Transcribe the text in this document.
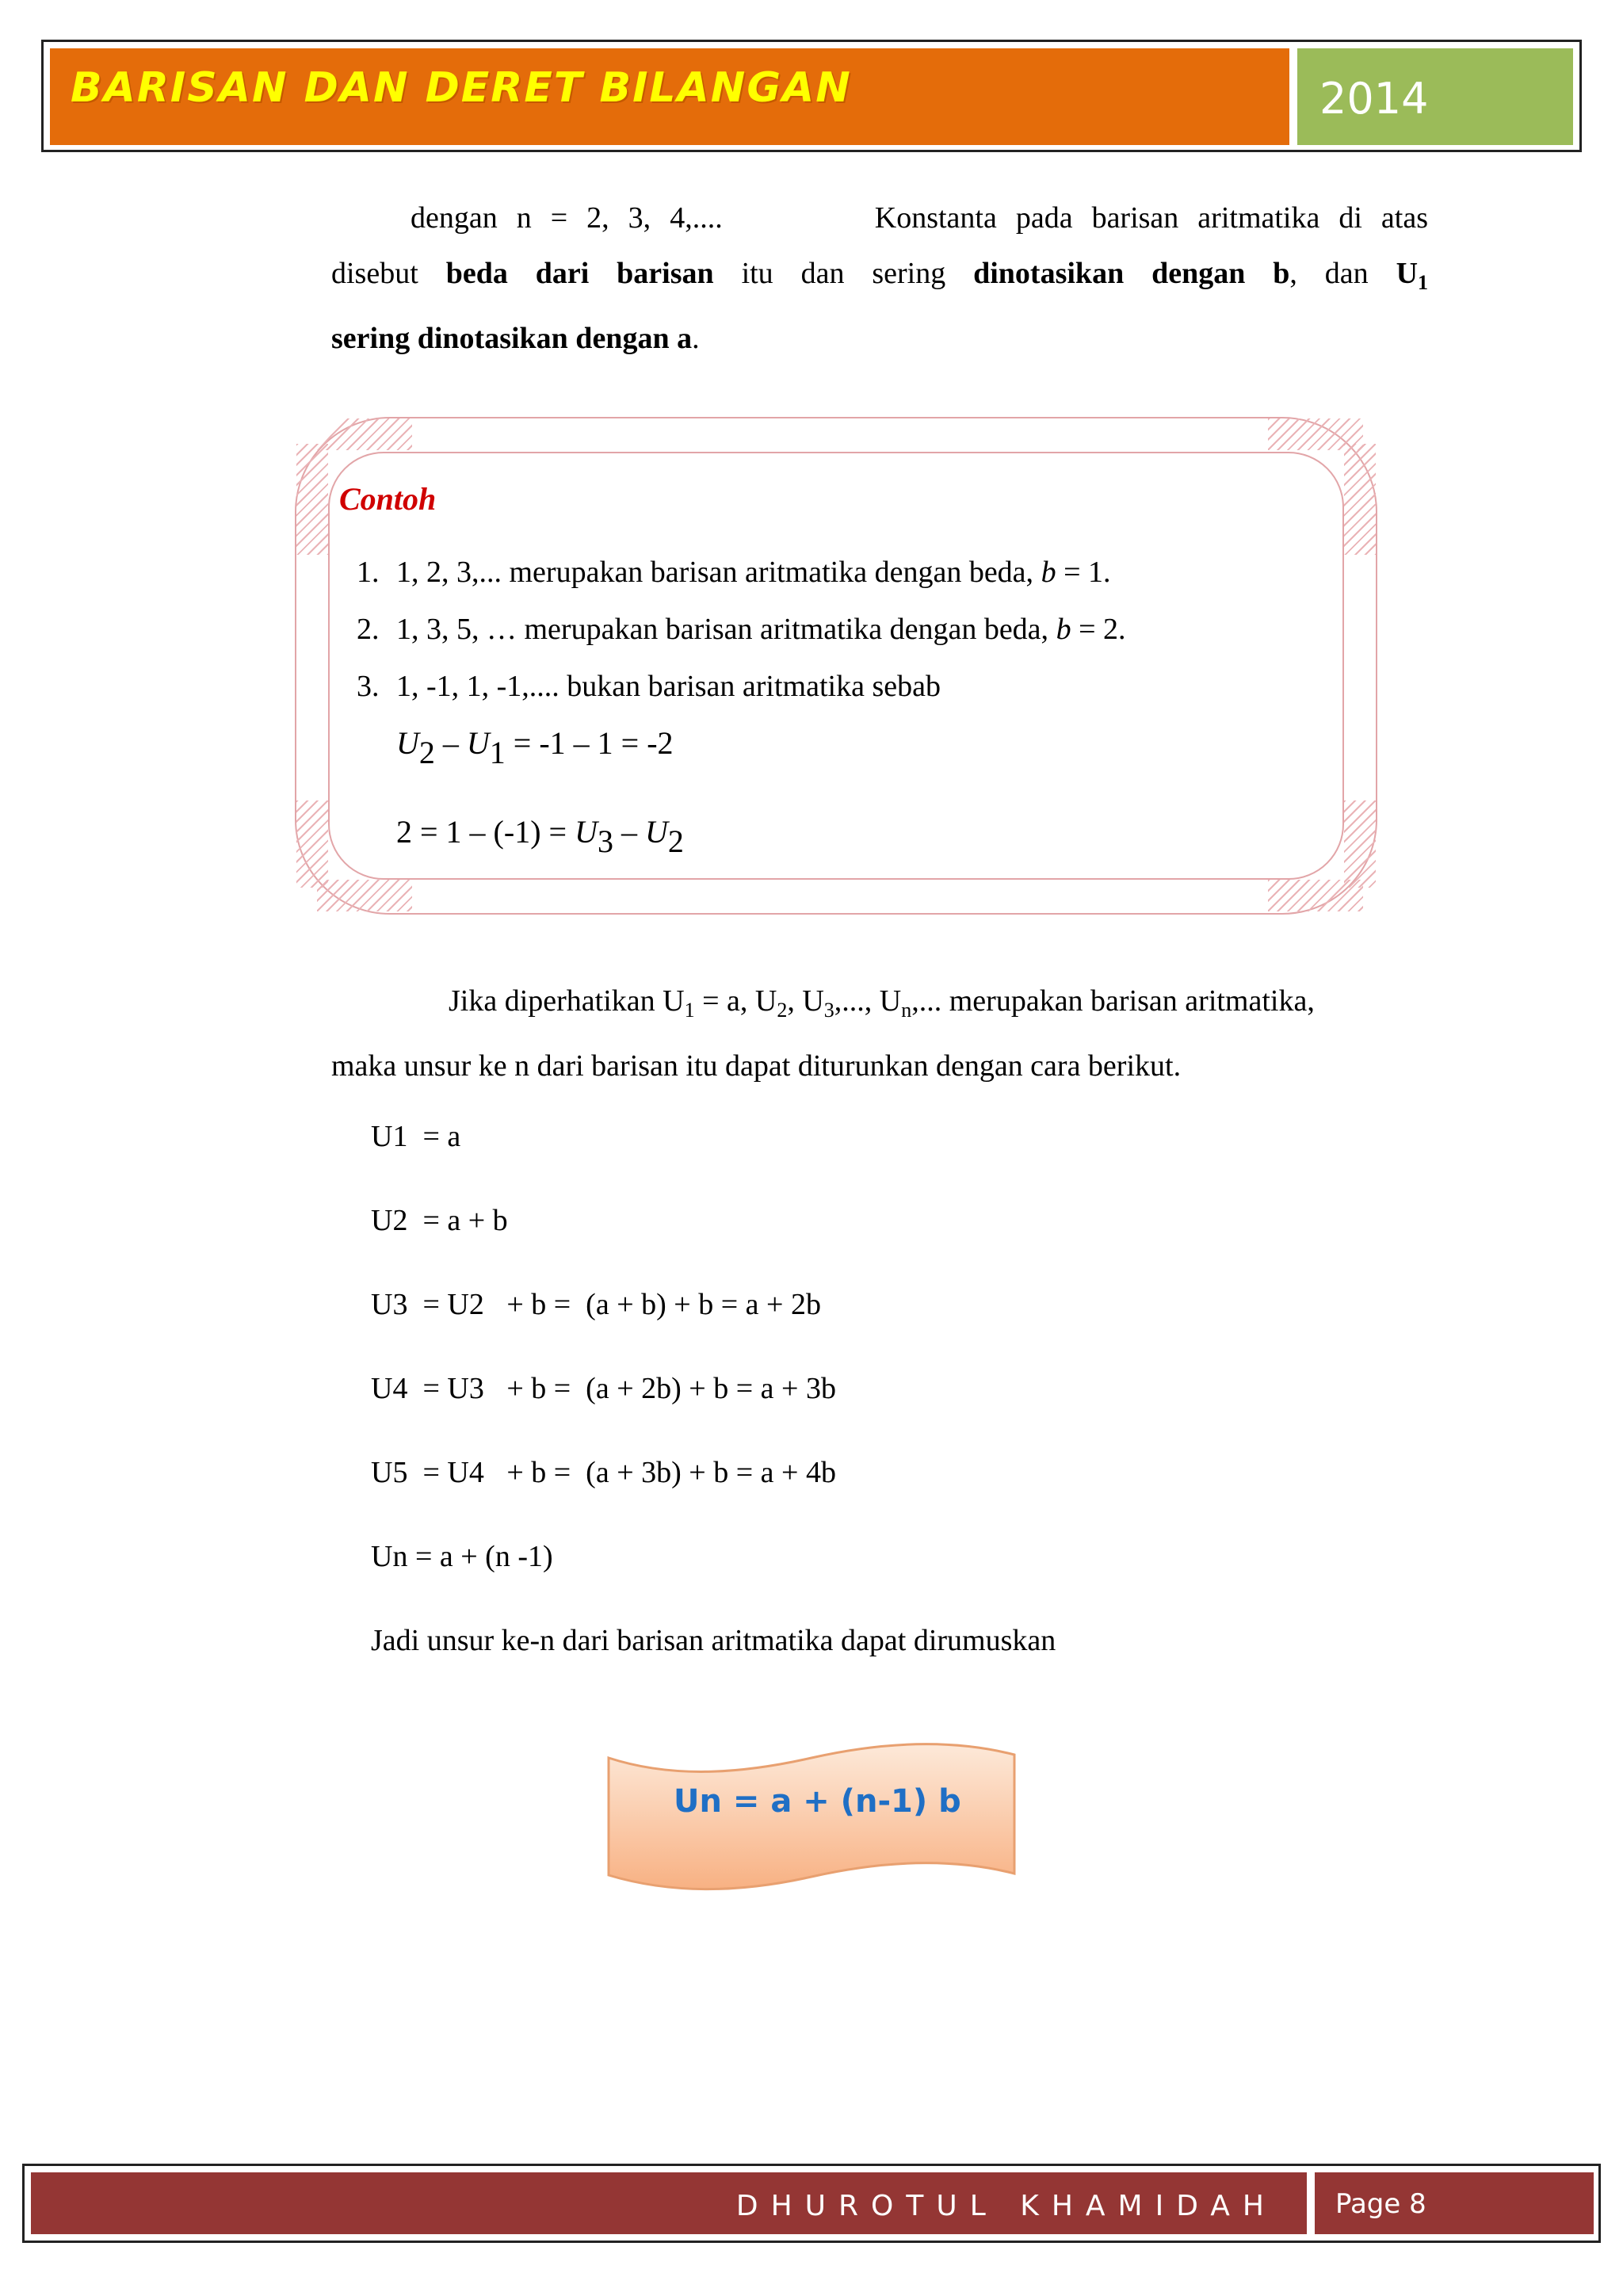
BARISAN DAN DERET BILANGAN	2014
dengan n = 2, 3, 4,....	Konstanta pada barisan aritmatika di atas
disebut beda dari barisan itu dan sering dinotasikan dengan b, dan $U_1$
sering dinotasikan dengan a.
Contoh
1. 1, 2, 3,... merupakan barisan aritmatika dengan beda, b = 1.
2. 1, 3, 5, … merupakan barisan aritmatika dengan beda, b = 2.
3. 1, -1, 1, -1,.... bukan barisan aritmatika sebab
U2 – U1 = -1 – 1 = -2
2 = 1 – (-1) = U3 – U2
Jika diperhatikan $U_1 = a$, $U_2$, $U_3$,..., $U_n$,... merupakan barisan aritmatika,
maka unsur ke n dari barisan itu dapat diturunkan dengan cara berikut.
U1  = a
U2  = a + b
U3  = U2   + b =  (a + b) + b = a + 2b
U4  = U3   + b =  (a + 2b) + b = a + 3b
U5  = U4   + b =  (a + 3b) + b = a + 4b
Un = a + (n -1)
Jadi unsur ke-n dari barisan aritmatika dapat dirumuskan
Un = a + (n-1) b
DHUROTUL KHAMIDAH Page 8
